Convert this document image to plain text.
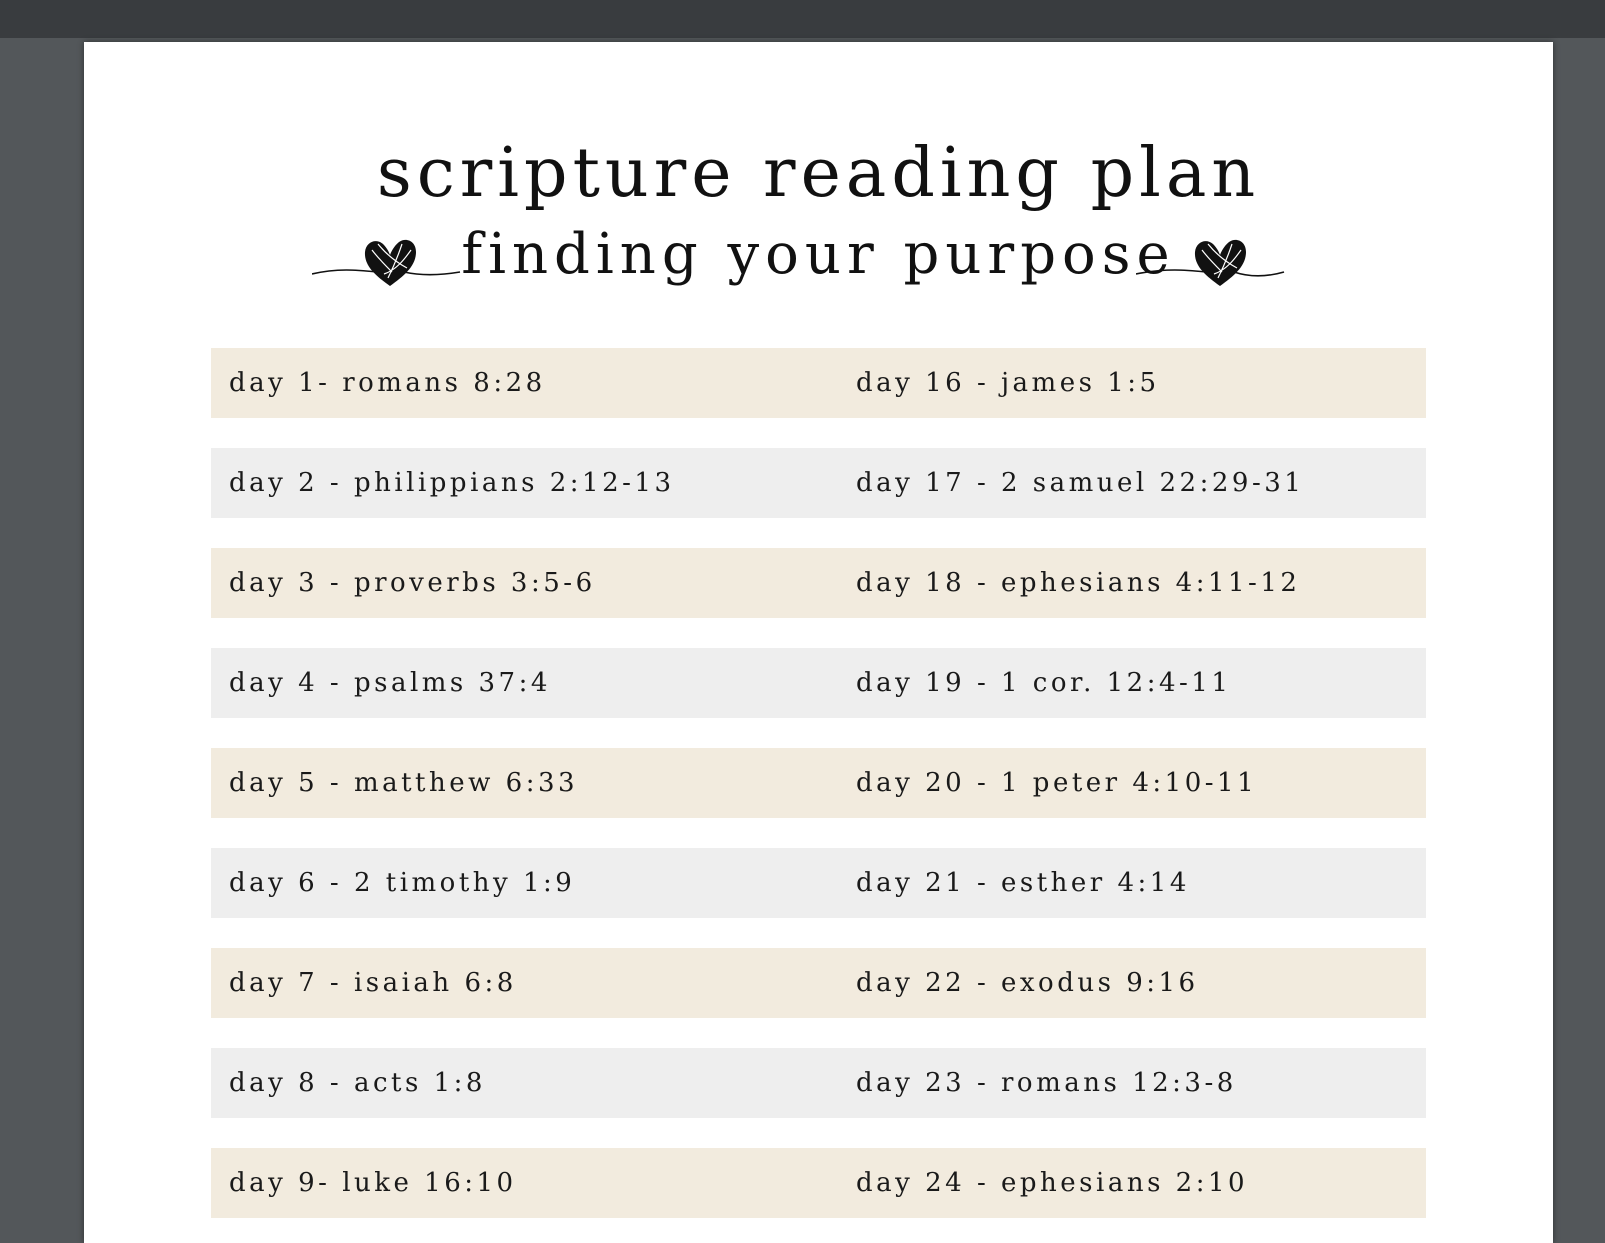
scripture reading plan
finding your purpose
day 1- romans 8:28	day 16 - james 1:5
day 2 - philippians 2:12-13	day 17 - 2 samuel 22:29-31
day 3 - proverbs 3:5-6	day 18 - ephesians 4:11-12
day 4 - psalms 37:4	day 19 - 1 cor. 12:4-11
day 5 - matthew 6:33	day 20 - 1 peter 4:10-11
day 6 - 2 timothy 1:9	day 21 - esther 4:14
day 7 - isaiah 6:8	day 22 - exodus 9:16
day 8 - acts 1:8	day 23 - romans 12:3-8
day 9- luke 16:10	day 24 - ephesians 2:10
